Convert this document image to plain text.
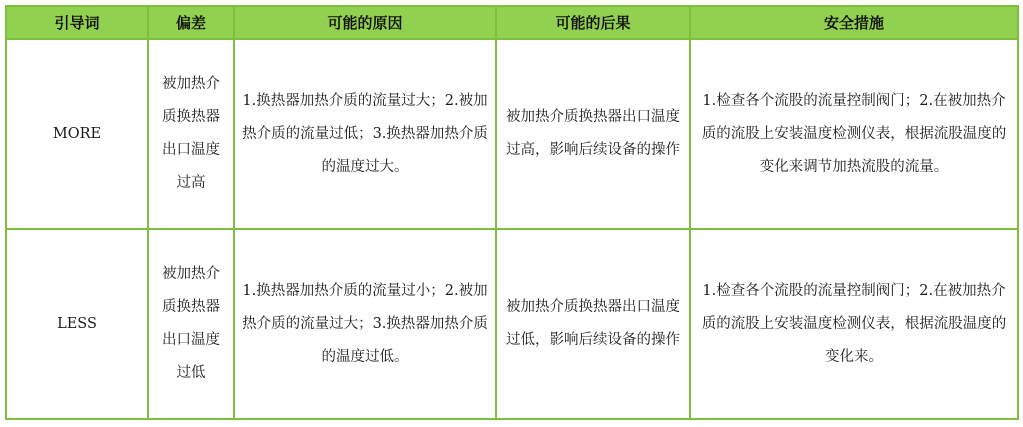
引导词	偏差	可能的原因	可能的后果	安全措施
MORE	被加热介质换热器出口温度过高	1.换热器加热介质的流量过大；2.被加热介质的流量过低；3.换热器加热介质的温度过大。	被加热介质换热器出口温度过高，影响后续设备的操作	1.检查各个流股的流量控制阀门；2.在被加热介质的流股上安装温度检测仪表，根据流股温度的变化来调节加热流股的流量。
LESS	被加热介质换热器出口温度过低	1.换热器加热介质的流量过小；2.被加热介质的流量过大；3.换热器加热介质的温度过低。	被加热介质换热器出口温度过低，影响后续设备的操作	1.检查各个流股的流量控制阀门；2.在被加热介质的流股上安装温度检测仪表，根据流股温度的变化来。
